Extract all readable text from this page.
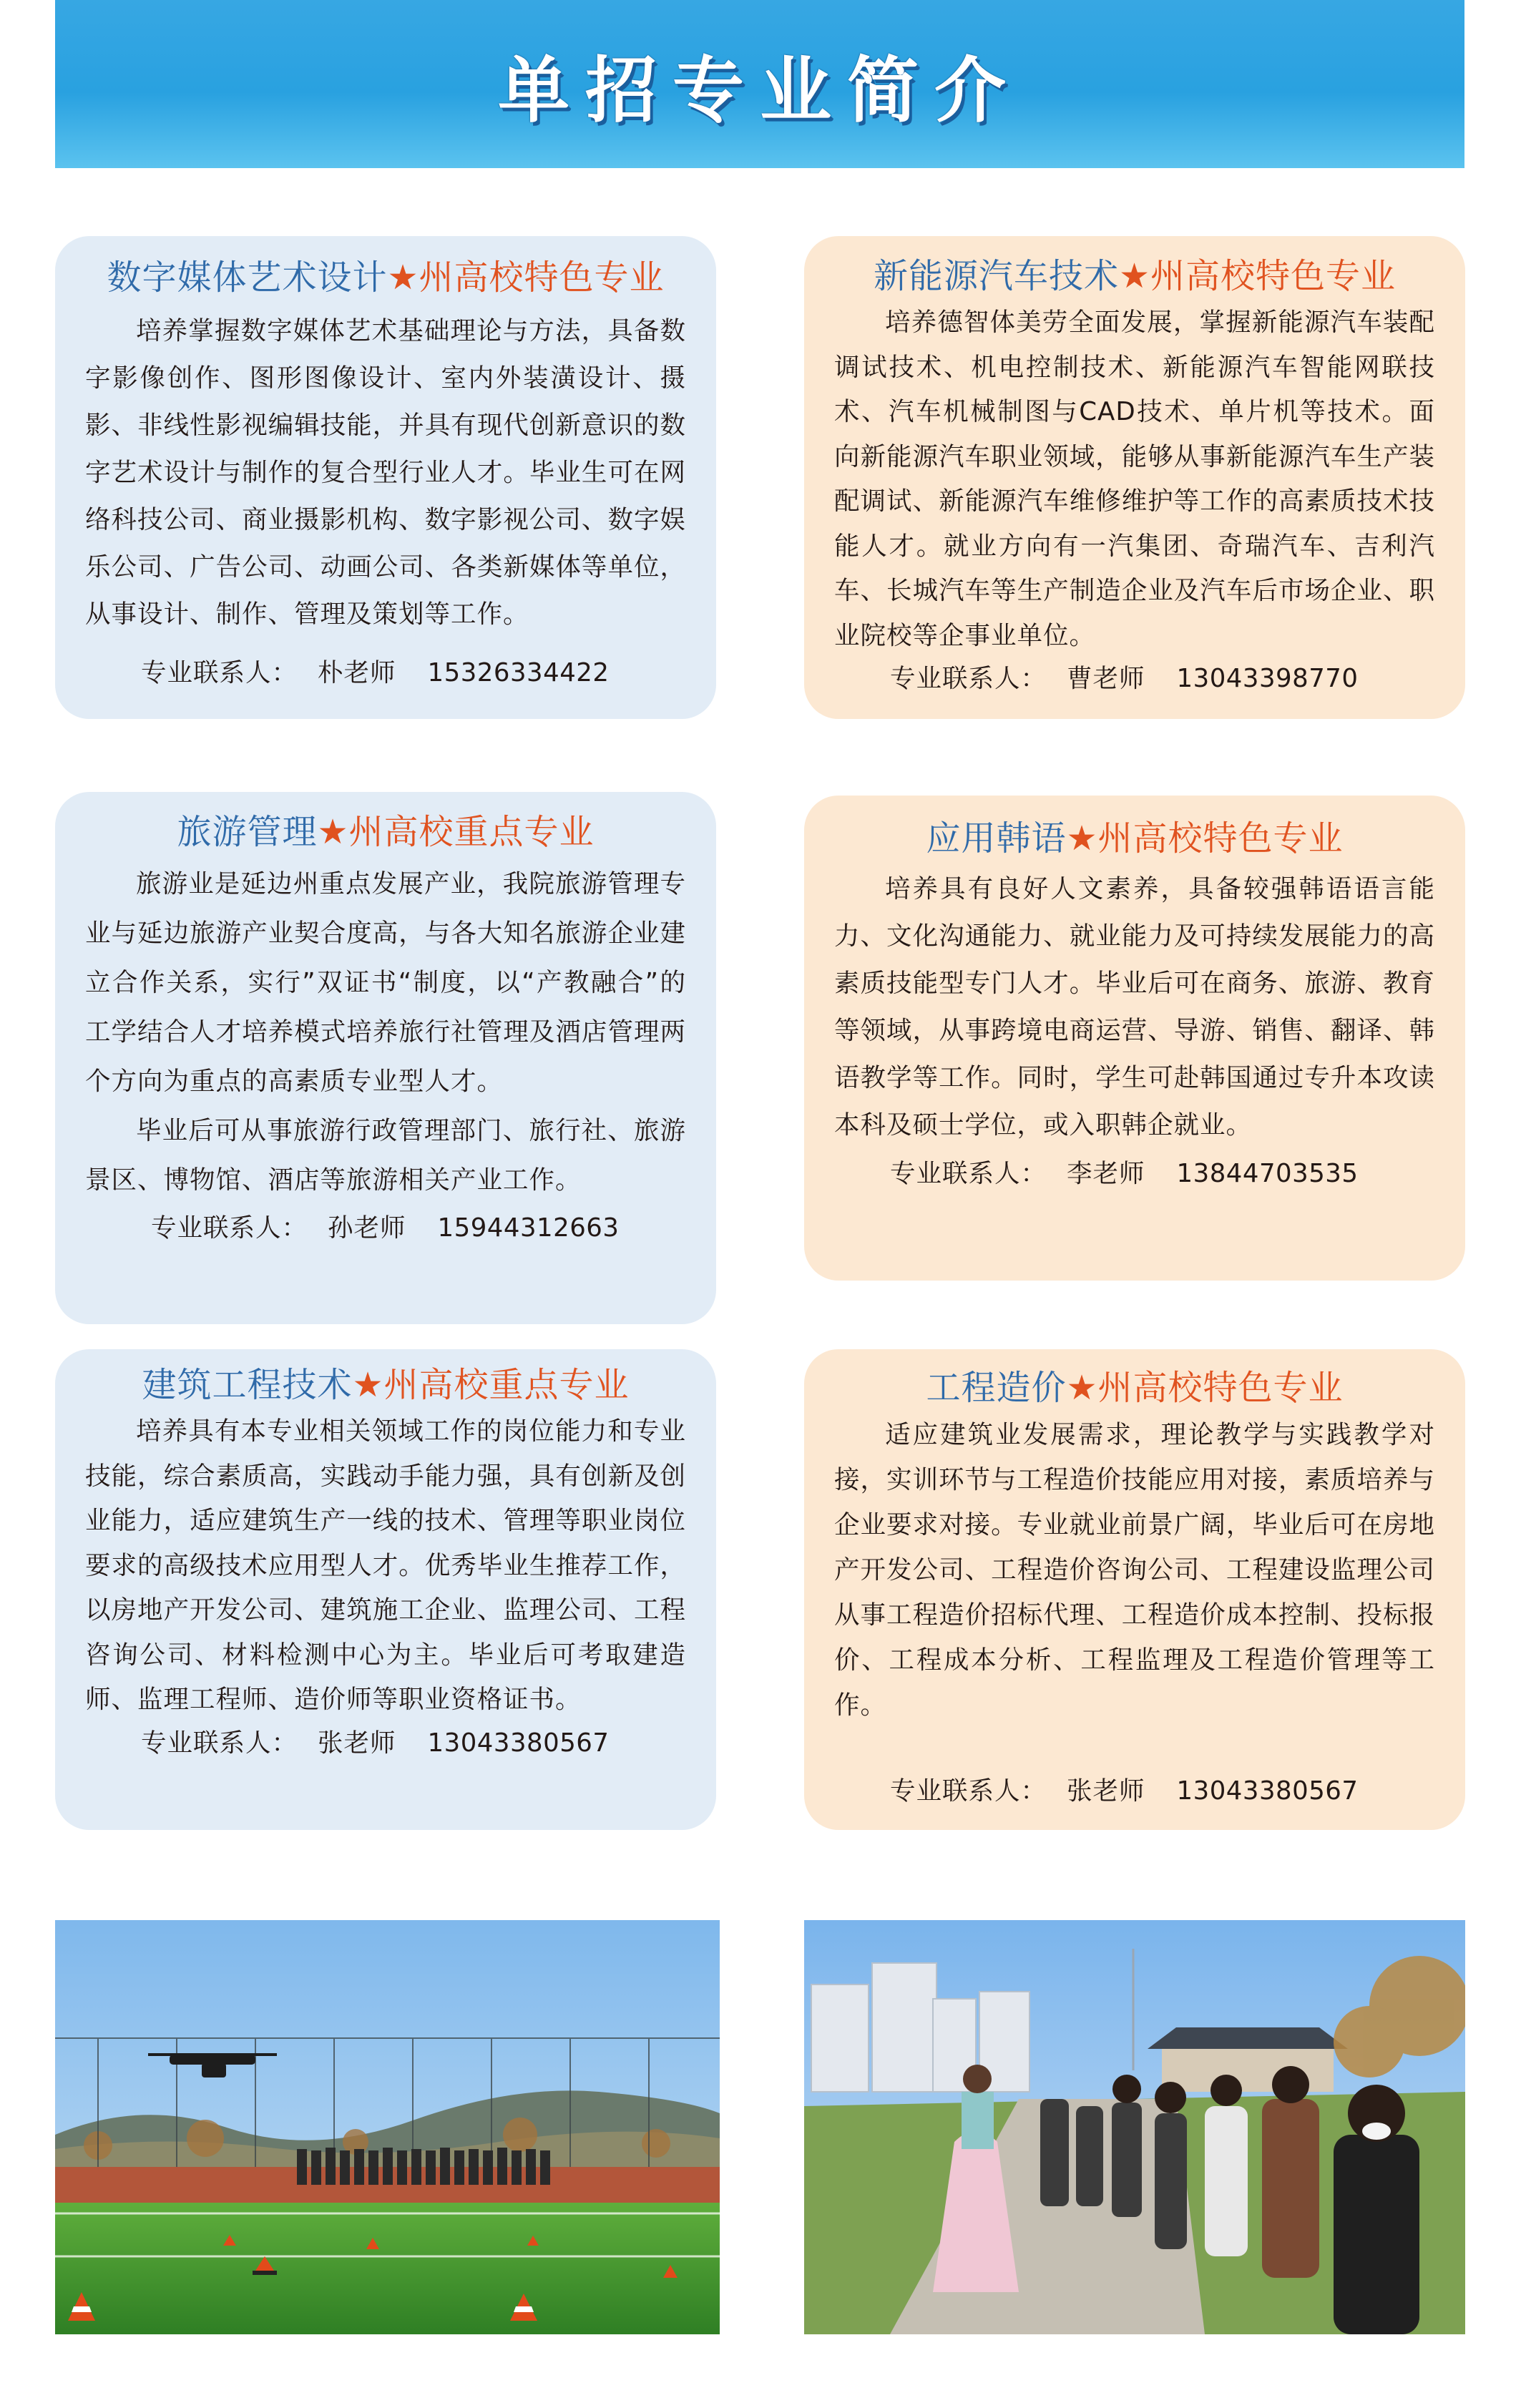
单招专业简介
数字媒体艺术设计★州高校特色专业

培养掌握数字媒体艺术基础理论与方法，具备数字影像创作、图形图像设计、室内外装潢设计、摄影、非线性影视编辑技能，并具有现代创新意识的数字艺术设计与制作的复合型行业人才。毕业生可在网络科技公司、商业摄影机构、数字影视公司、数字娱乐公司、广告公司、动画公司、各类新媒体等单位，从事设计、制作、管理及策划等工作。

专业联系人： 朴老师 15326334422
新能源汽车技术★州高校特色专业

培养德智体美劳全面发展，掌握新能源汽车装配调试技术、机电控制技术、新能源汽车智能网联技术、汽车机械制图与CAD技术、单片机等技术。面向新能源汽车职业领域，能够从事新能源汽车生产装配调试、新能源汽车维修维护等工作的高素质技术技能人才。就业方向有一汽集团、奇瑞汽车、吉利汽车、长城汽车等生产制造企业及汽车后市场企业、职业院校等企事业单位。

专业联系人： 曹老师 13043398770
旅游管理★州高校重点专业

旅游业是延边州重点发展产业，我院旅游管理专业与延边旅游产业契合度高，与各大知名旅游企业建立合作关系，实行”双证书“制度，以“产教融合”的工学结合人才培养模式培养旅行社管理及酒店管理两个方向为重点的高素质专业型人才。

毕业后可从事旅游行政管理部门、旅行社、旅游景区、博物馆、酒店等旅游相关产业工作。

专业联系人： 孙老师 15944312663
应用韩语★州高校特色专业

培养具有良好人文素养，具备较强韩语语言能力、文化沟通能力、就业能力及可持续发展能力的高素质技能型专门人才。毕业后可在商务、旅游、教育等领域，从事跨境电商运营、导游、销售、翻译、韩语教学等工作。同时，学生可赴韩国通过专升本攻读本科及硕士学位，或入职韩企就业。

专业联系人： 李老师 13844703535
建筑工程技术★州高校重点专业

培养具有本专业相关领域工作的岗位能力和专业技能，综合素质高，实践动手能力强，具有创新及创业能力，适应建筑生产一线的技术、管理等职业岗位要求的高级技术应用型人才。优秀毕业生推荐工作，以房地产开发公司、建筑施工企业、监理公司、工程咨询公司、材料检测中心为主。毕业后可考取建造师、监理工程师、造价师等职业资格证书。

专业联系人： 张老师 13043380567
工程造价★州高校特色专业

适应建筑业发展需求，理论教学与实践教学对接，实训环节与工程造价技能应用对接，素质培养与企业要求对接。专业就业前景广阔，毕业后可在房地产开发公司、工程造价咨询公司、工程建设监理公司从事工程造价招标代理、工程造价成本控制、投标报价、工程成本分析、工程监理及工程造价管理等工作。

专业联系人： 张老师 13043380567
